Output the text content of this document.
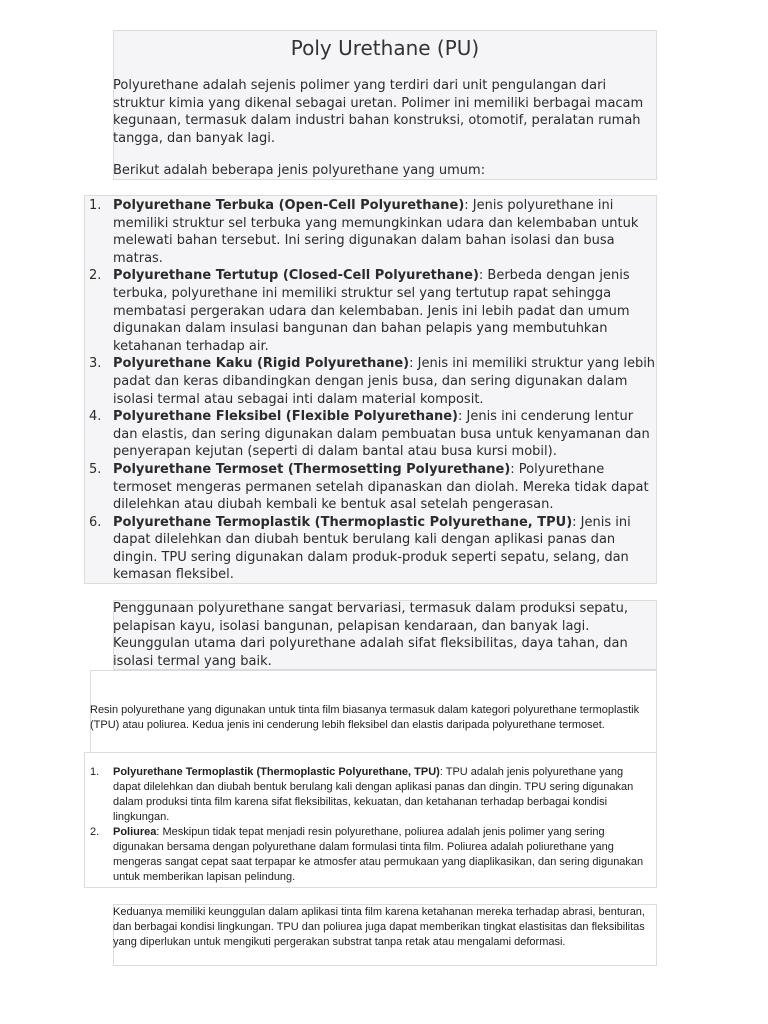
Poly Urethane (PU)

Polyurethane adalah sejenis polimer yang terdiri dari unit pengulangan dari struktur kimia yang dikenal sebagai uretan. Polimer ini memiliki berbagai macam kegunaan, termasuk dalam industri bahan konstruksi, otomotif, peralatan rumah tangga, dan banyak lagi.

Berikut adalah beberapa jenis polyurethane yang umum:

1. Polyurethane Terbuka (Open-Cell Polyurethane): Jenis polyurethane ini memiliki struktur sel terbuka yang memungkinkan udara dan kelembaban untuk melewati bahan tersebut. Ini sering digunakan dalam bahan isolasi dan busa matras.
2. Polyurethane Tertutup (Closed-Cell Polyurethane): Berbeda dengan jenis terbuka, polyurethane ini memiliki struktur sel yang tertutup rapat sehingga membatasi pergerakan udara dan kelembaban. Jenis ini lebih padat dan umum digunakan dalam insulasi bangunan dan bahan pelapis yang membutuhkan ketahanan terhadap air.
3. Polyurethane Kaku (Rigid Polyurethane): Jenis ini memiliki struktur yang lebih padat dan keras dibandingkan dengan jenis busa, dan sering digunakan dalam isolasi termal atau sebagai inti dalam material komposit.
4. Polyurethane Fleksibel (Flexible Polyurethane): Jenis ini cenderung lentur dan elastis, dan sering digunakan dalam pembuatan busa untuk kenyamanan dan penyerapan kejutan (seperti di dalam bantal atau busa kursi mobil).
5. Polyurethane Termoset (Thermosetting Polyurethane): Polyurethane termoset mengeras permanen setelah dipanaskan dan diolah. Mereka tidak dapat dilelehkan atau diubah kembali ke bentuk asal setelah pengerasan.
6. Polyurethane Termoplastik (Thermoplastic Polyurethane, TPU): Jenis ini dapat dilelehkan dan diubah bentuk berulang kali dengan aplikasi panas dan dingin. TPU sering digunakan dalam produk-produk seperti sepatu, selang, dan kemasan fleksibel.

Penggunaan polyurethane sangat bervariasi, termasuk dalam produksi sepatu, pelapisan kayu, isolasi bangunan, pelapisan kendaraan, dan banyak lagi. Keunggulan utama dari polyurethane adalah sifat fleksibilitas, daya tahan, dan isolasi termal yang baik.

Resin polyurethane yang digunakan untuk tinta film biasanya termasuk dalam kategori polyurethane termoplastik (TPU) atau poliurea. Kedua jenis ini cenderung lebih fleksibel dan elastis daripada polyurethane termoset.

1. Polyurethane Termoplastik (Thermoplastic Polyurethane, TPU): TPU adalah jenis polyurethane yang dapat dilelehkan dan diubah bentuk berulang kali dengan aplikasi panas dan dingin. TPU sering digunakan dalam produksi tinta film karena sifat fleksibilitas, kekuatan, dan ketahanan terhadap berbagai kondisi lingkungan.
2. Poliurea: Meskipun tidak tepat menjadi resin polyurethane, poliurea adalah jenis polimer yang sering digunakan bersama dengan polyurethane dalam formulasi tinta film. Poliurea adalah poliurethane yang mengeras sangat cepat saat terpapar ke atmosfer atau permukaan yang diaplikasikan, dan sering digunakan untuk memberikan lapisan pelindung.

Keduanya memiliki keunggulan dalam aplikasi tinta film karena ketahanan mereka terhadap abrasi, benturan, dan berbagai kondisi lingkungan. TPU dan poliurea juga dapat memberikan tingkat elastisitas dan fleksibilitas yang diperlukan untuk mengikuti pergerakan substrat tanpa retak atau mengalami deformasi.
